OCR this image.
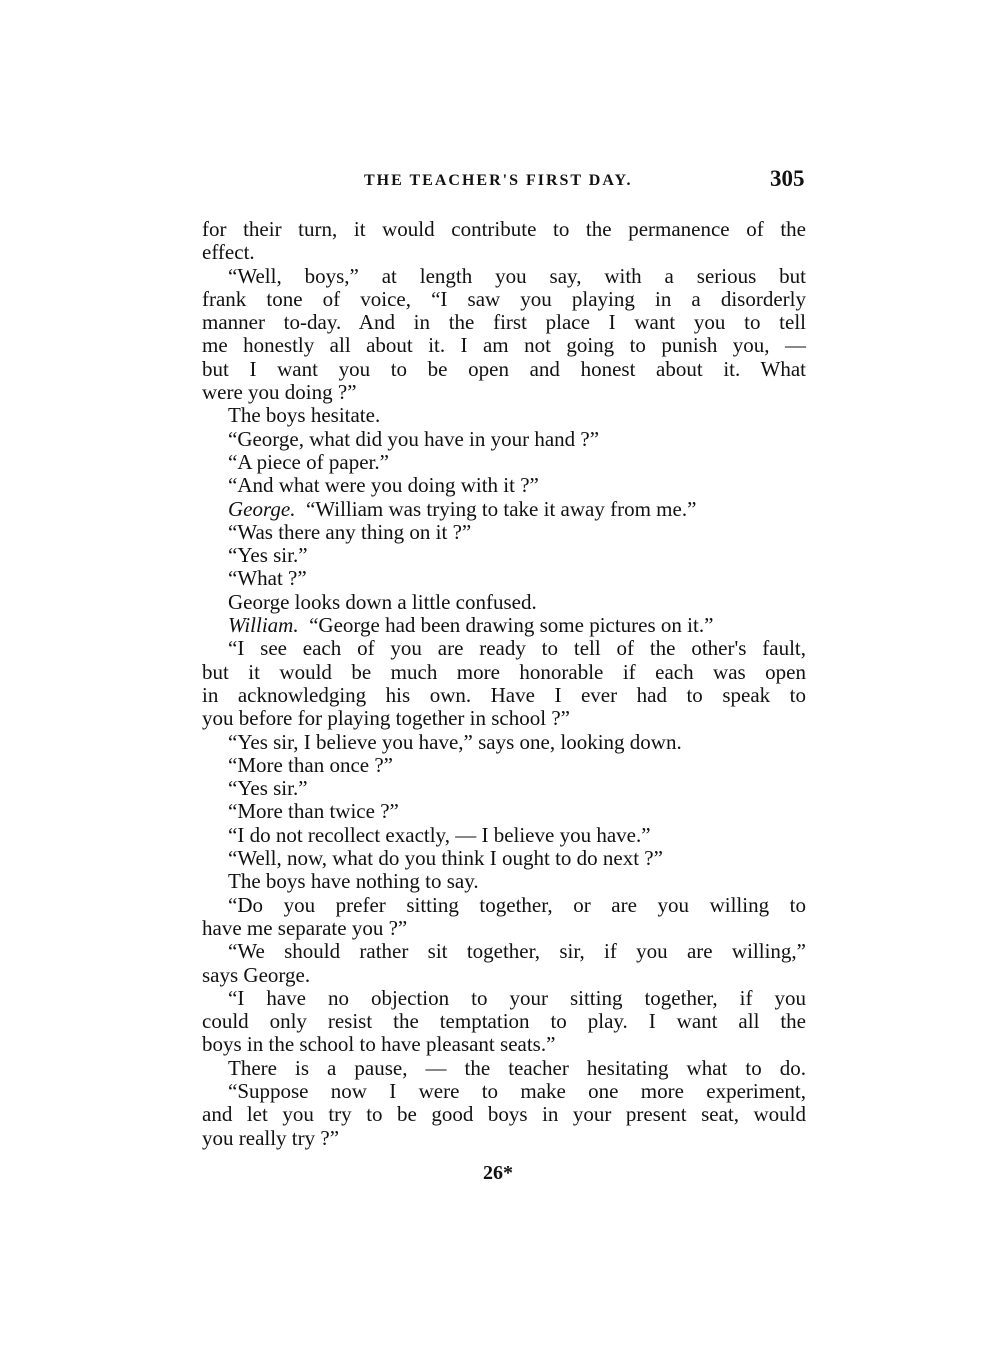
THE TEACHER'S FIRST DAY.	305
for their turn, it would contribute to the permanence of the
effect.
“Well, boys,” at length you say, with a serious but
frank tone of voice, “I saw you playing in a disorderly
manner to-day. And in the first place I want you to tell
me honestly all about it. I am not going to punish you, —
but I want you to be open and honest about it. What
were you doing ?”
The boys hesitate.
“George, what did you have in your hand ?”
“A piece of paper.”
“And what were you doing with it ?”
George. “William was trying to take it away from me.”
“Was there any thing on it ?”
“Yes sir.”
“What ?”
George looks down a little confused.
William. “George had been drawing some pictures on it.”
“I see each of you are ready to tell of the other's fault,
but it would be much more honorable if each was open
in acknowledging his own. Have I ever had to speak to
you before for playing together in school ?”
“Yes sir, I believe you have,” says one, looking down.
“More than once ?”
“Yes sir.”
“More than twice ?”
“I do not recollect exactly, — I believe you have.”
“Well, now, what do you think I ought to do next ?”
The boys have nothing to say.
“Do you prefer sitting together, or are you willing to
have me separate you ?”
“We should rather sit together, sir, if you are willing,”
says George.
“I have no objection to your sitting together, if you
could only resist the temptation to play. I want all the
boys in the school to have pleasant seats.”
There is a pause, — the teacher hesitating what to do.
“Suppose now I were to make one more experiment,
and let you try to be good boys in your present seat, would
you really try ?”
26*
